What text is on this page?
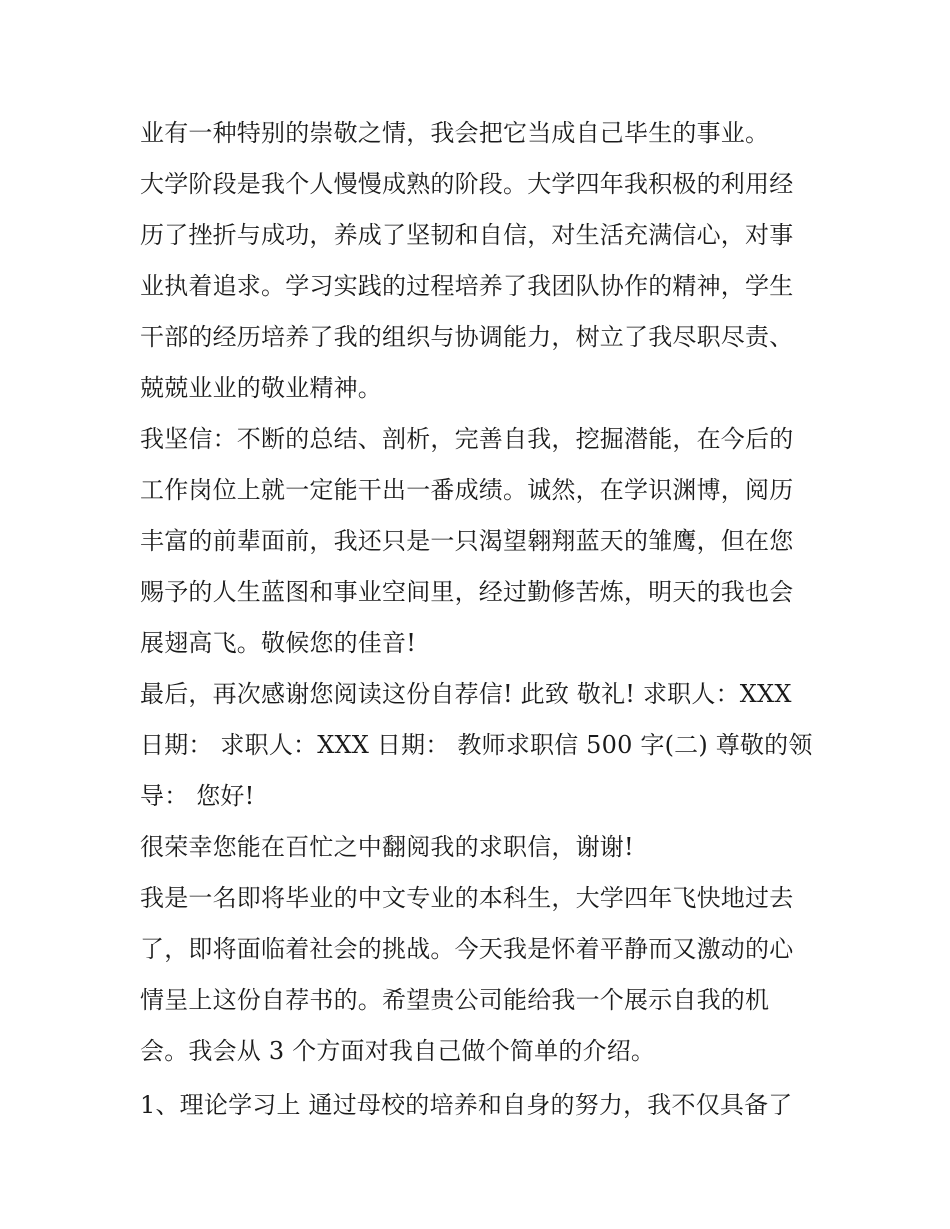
业有一种特别的崇敬之情，我会把它当成自己毕生的事业。
大学阶段是我个人慢慢成熟的阶段。大学四年我积极的利用经
历了挫折与成功，养成了坚韧和自信，对生活充满信心，对事
业执着追求。学习实践的过程培养了我团队协作的精神，学生
干部的经历培养了我的组织与协调能力，树立了我尽职尽责、
兢兢业业的敬业精神。
我坚信：不断的总结、剖析，完善自我，挖掘潜能，在今后的
工作岗位上就一定能干出一番成绩。诚然，在学识渊博，阅历
丰富的前辈面前，我还只是一只渴望翱翔蓝天的雏鹰，但在您
赐予的人生蓝图和事业空间里，经过勤修苦炼，明天的我也会
展翅高飞。敬候您的佳音!
最后，再次感谢您阅读这份自荐信! 此致 敬礼! 求职人：XXX
日期： 求职人：XXX 日期： 教师求职信 500 字(二) 尊敬的领
导： 您好!
很荣幸您能在百忙之中翻阅我的求职信，谢谢!
我是一名即将毕业的中文专业的本科生，大学四年飞快地过去
了，即将面临着社会的挑战。今天我是怀着平静而又激动的心
情呈上这份自荐书的。希望贵公司能给我一个展示自我的机
会。我会从 3 个方面对我自己做个简单的介绍。
1、理论学习上 通过母校的培养和自身的努力，我不仅具备了
